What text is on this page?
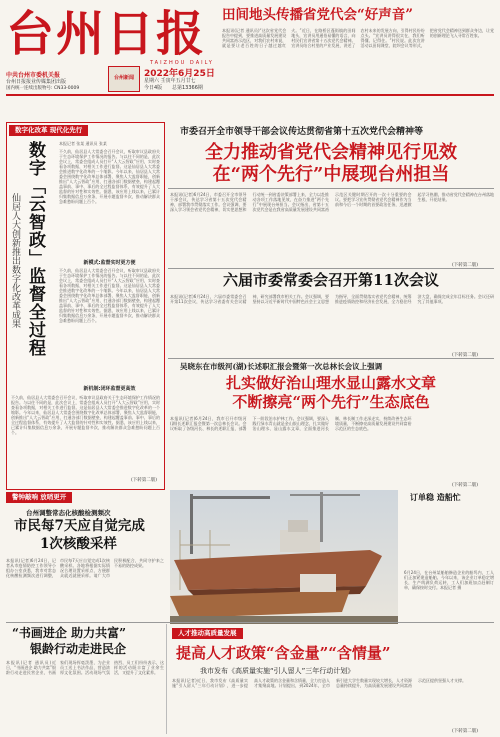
台州日报
TAIZHOU DAILY
2022年6月25日
星期六 壬寅年五月廿七
今日4版 总第13366期
中共台州市委机关报
台州日报报业传媒集团出版
国内统一连续出版物号: CN33-0009
台州新闻
田间地头传播省党代会“好声音”
本报讯(记者 通讯员)“这次省党代会报告中提到，要推进高质量发展建设共同富裕示范区，对我们农村来说，就是要让老百姓的日子越过越红火。”近日，在路桥区蓬街镇的田间地头，宣讲员用通俗易懂的语言，向村民们宣讲省第十五次党代会精神。宣讲员结合村里的产业发展，讲述了农村未来的发展方向，引得村民纷纷点头。“宣讲员讲得很实在，我们听得懂、记得住。”村民说。此次宣讲活动以田间课堂、院坝会议等形式，把省党代会精神送到群众身边，让党的创新理论飞入寻常百姓家。
数字化改革 现代化先行
数字「云智政」监督全过程
仙居人大创新推出数字化改革成果
本报记者 张某 通讯员 张某
不久前，仙居县人大常委会召开会议，听取审议县政府关于生态环境保护工作情况的报告。与以往不同的是，此次会议上，常委会组成人员打开“人大云智政”应用，实时查看各项数据，对相关工作进行监督。这是仙居县人大常委会推进数字化改革的一个缩影。今年以来，仙居县人大常委会围绕数字化改革总体部署，聚焦人大监督职能，创新推出“人大云智政”应用，打通各部门数据壁垒，构建起覆盖事前、事中、事后的全过程监督体系，有效提升了人大监督的针对性和实效性。据悉，该应用上线以来，已累计归集数据信息万余条，开展专题监督多次，推动解决群众急难愁盼问题上百个。
新模式:监督实时更方便
不久前，仙居县人大常委会召开会议，听取审议县政府关于生态环境保护工作情况的报告。与以往不同的是，此次会议上，常委会组成人员打开“人大云智政”应用，实时查看各项数据，对相关工作进行监督。这是仙居县人大常委会推进数字化改革的一个缩影。今年以来，仙居县人大常委会围绕数字化改革总体部署，聚焦人大监督职能，创新推出“人大云智政”应用，打通各部门数据壁垒，构建起覆盖事前、事中、事后的全过程监督体系，有效提升了人大监督的针对性和实效性。据悉，该应用上线以来，已累计归集数据信息万余条，开展专题监督多次，推动解决群众急难愁盼问题上百个。
新机制:闭环监督更高效
不久前，仙居县人大常委会召开会议，听取审议县政府关于生态环境保护工作情况的报告。与以往不同的是，此次会议上，常委会组成人员打开“人大云智政”应用，实时查看各项数据，对相关工作进行监督。这是仙居县人大常委会推进数字化改革的一个缩影。今年以来，仙居县人大常委会围绕数字化改革总体部署，聚焦人大监督职能，创新推出“人大云智政”应用，打通各部门数据壁垒，构建起覆盖事前、事中、事后的全过程监督体系，有效提升了人大监督的针对性和实效性。据悉，该应用上线以来，已累计归集数据信息万余条，开展专题监督多次，推动解决群众急难愁盼问题上百个。
(下转第二版)
市委召开全市领导干部会议传达贯彻省第十五次党代会精神等
全力推动省党代会精神见行见效
在“两个先行”中展现台州担当
本报讯(记者)6月24日，市委召开全市领导干部会议，传达学习省第十五次党代会精神，部署我市贯彻落实工作。会议强调，要深入学习领会省党代会精神，切实把思想和行动统一到省委决策部署上来，全力以赴推动各项工作落地见效，在奋力推进“两个先行”中展现台州担当。会议指出，省第十五次党代会是在我省高质量发展建设共同富裕示范区关键时期召开的一次十分重要的会议。要把学习宣传贯彻省党代会精神作为当前和今后一个时期的首要政治任务，迅速掀起学习热潮，推动省党代会精神在台州落地生根、开花结果。
(下转第二版)
六届市委常委会召开第11次会议
本报讯(记者)6月24日，六届市委常委会召开第11次会议，传达学习省委有关会议精神，研究部署我市相关工作。会议强调，要坚持以习近平新时代中国特色社会主义思想为指导，全面贯彻落实省党代会精神，统筹推进疫情防控和经济社会发展，全力稳住经济大盘，确保完成全年目标任务。会议还研究了其他事项。
(下转第二版)
吴晓东在市级河(湖)长述职汇报会暨第一次总林长会议上强调
扎实做好治山理水显山露水文章
不断擦亮“两个先行”生态底色
本报讯(记者)6月24日，我市召开市级河(湖)长述职汇报会暨第一次总林长会议。会议听取了各级河长、林长的述职汇报，部署下一阶段治水护林工作。会议强调，要深入践行绿水青山就是金山银山理念，扎实做好治山理水、显山露水文章，全面推进河长制、林长制工作走深走实，持续改善生态环境质量，不断擦亮高质量发展建设共同富裕示范区的生态底色。
(下转第二版)
订单稳 造船忙
6月24日，在台州某船舶修造企业的船坞内，工人们正加紧建造船舶。今年以来，该企业订单稳定增长，生产线满负荷运转，工人们加班加点赶制订单，确保按时交付。本报记者 摄
警钟敲响 放哨更开
台州调整常态化核酸检测频次
市民每7天应自觉完成
1次核酸采样
本报讯(记者)6月24日，记者从市疫情防控工作领导小组办公室获悉，我市对常态化核酸检测频次进行调整，市民每7天应自觉完成1次核酸采样。各地将根据实际情况合理设置采样点，方便群众就近就便采样。请广大市民积极配合，共同守护来之不易的防控成果。
“书画进企 助力共富”
银龄行动走进民企
本报讯(记者 通讯员)近日，“书画进企 助力共富”银龄行动走进民营企业，书画家们现场挥毫泼墨，为企业员工送上书法作品，营造浓厚文化氛围。活动现场气氛热烈，员工们纷纷表示，这样的活动既丰富了业余生活，又提升了文化素养。
人才推动高质量发展
提高人才政策“含金量”“含情量”
我市发布《高质量实施“引人留人”三年行动计划》
本报讯(记者)近日，我市发布《高质量实施“引人留人”三年行动计划》，进一步提高人才政策的含金量和含情量，全力打造人才集聚高地。计划提出，到2024年，全市新引进大学生数量实现较大增长，人才资源总量持续提升，为高质量发展建设共同富裕示范区提供坚强人才支撑。
(下转第二版)
